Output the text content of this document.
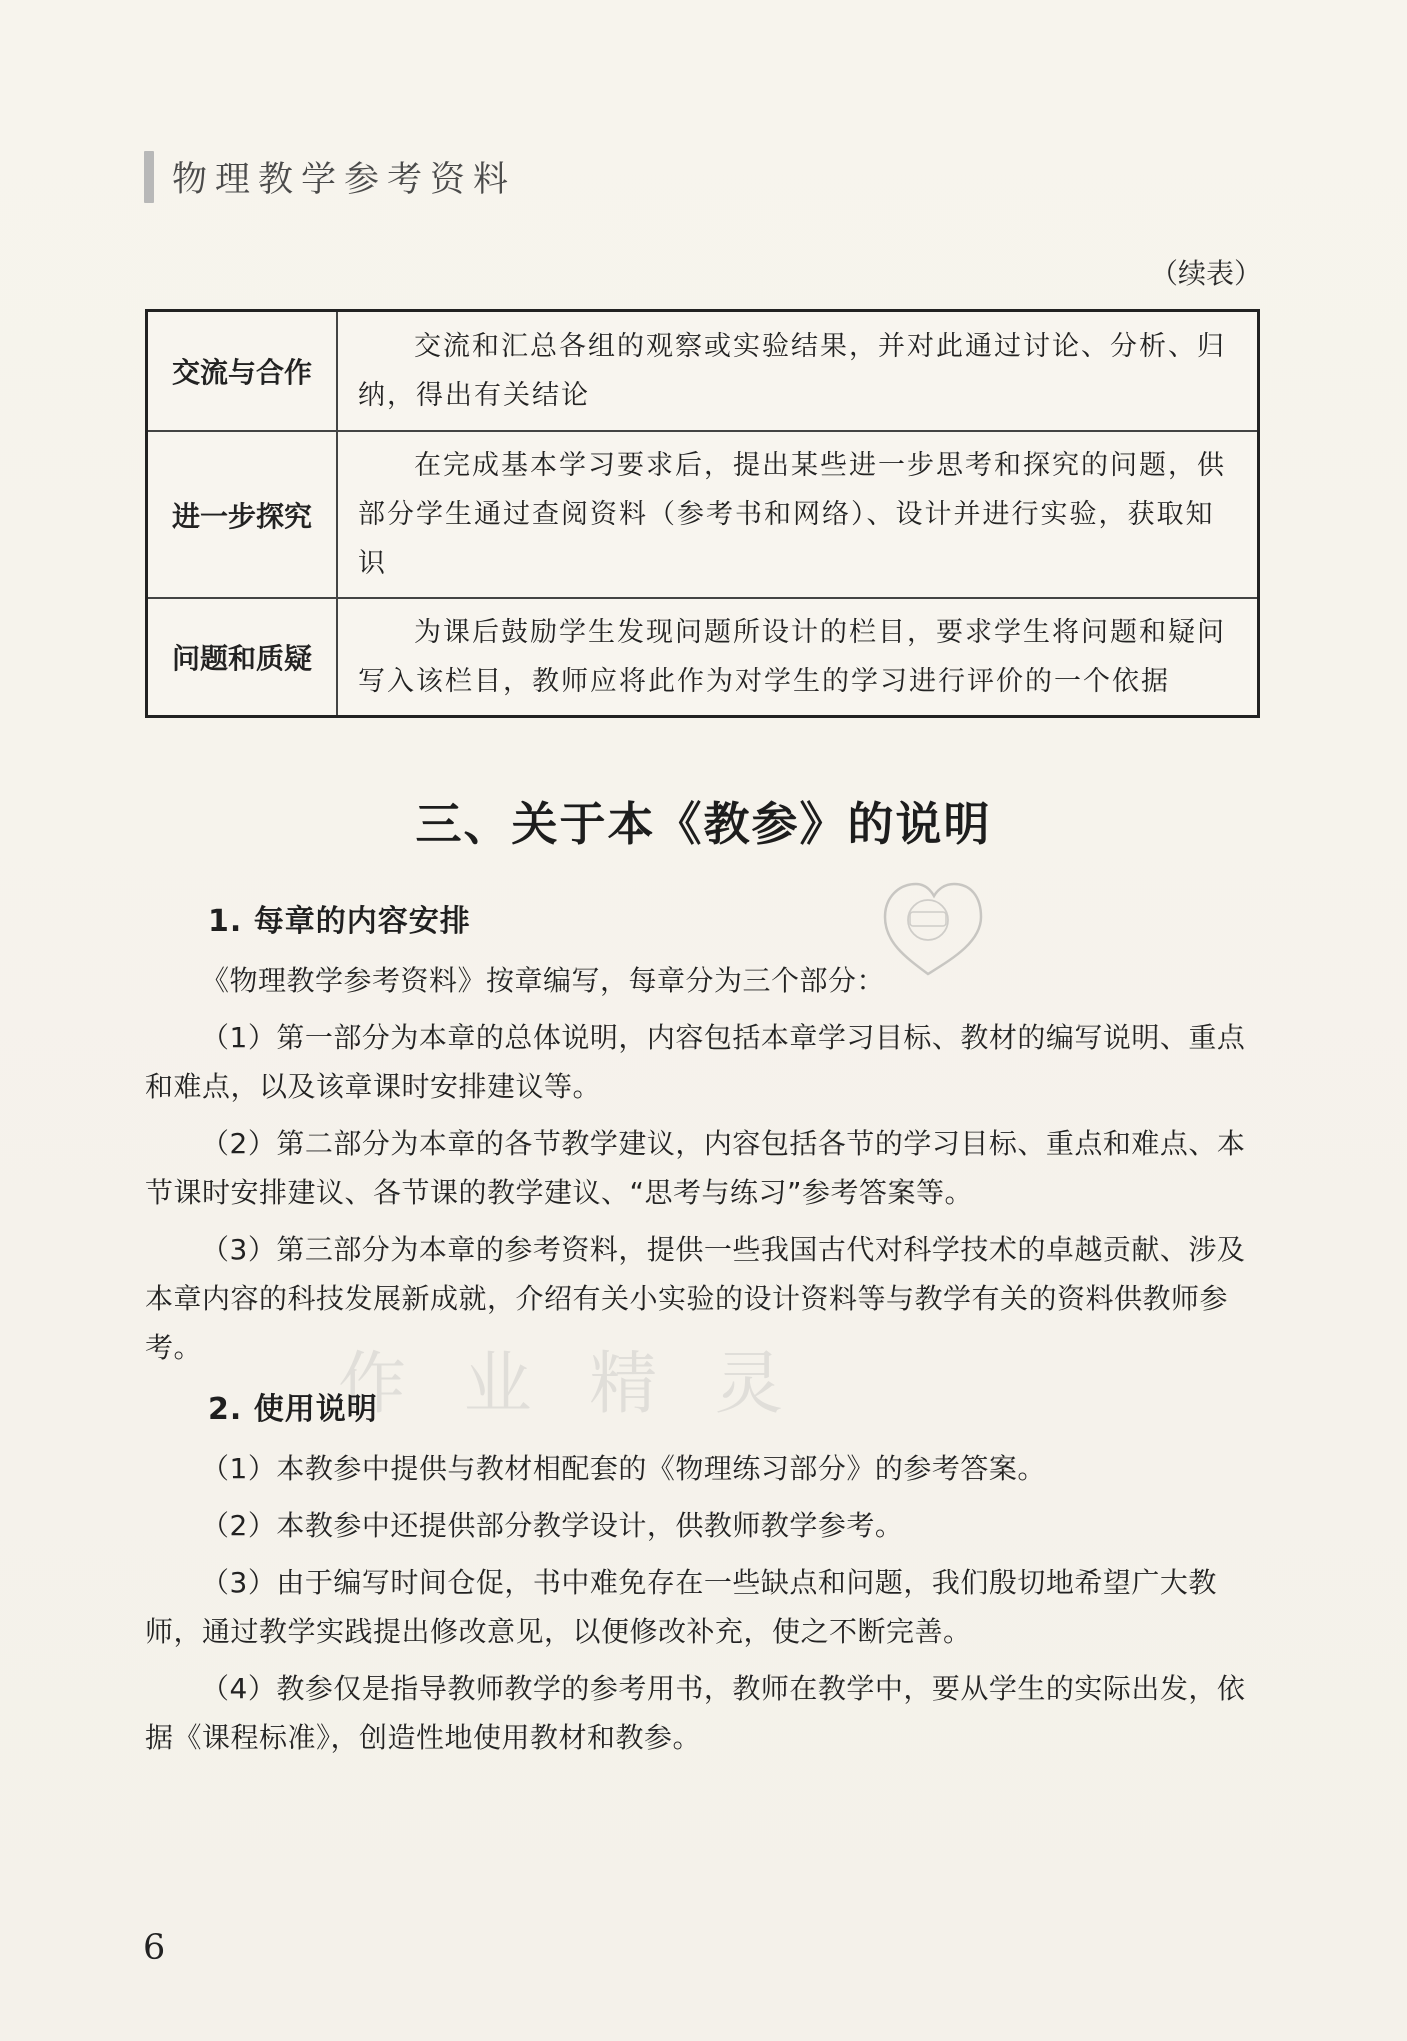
物理教学参考资料
（续表）
交流与合作

交流和汇总各组的观察或实验结果，并对此通过讨论、分析、归纳，得出有关结论

进一步探究

在完成基本学习要求后，提出某些进一步思考和探究的问题，供部分学生通过查阅资料（参考书和网络）、设计并进行实验，获取知识

问题和质疑

为课后鼓励学生发现问题所设计的栏目，要求学生将问题和疑问写入该栏目，教师应将此作为对学生的学习进行评价的一个依据

三、关于本《教参》的说明
作 业 精 灵
1. 每章的内容安排

《物理教学参考资料》按章编写，每章分为三个部分：

（1）第一部分为本章的总体说明，内容包括本章学习目标、教材的编写说明、重点和难点，以及该章课时安排建议等。

（2）第二部分为本章的各节教学建议，内容包括各节的学习目标、重点和难点、本节课时安排建议、各节课的教学建议、“思考与练习”参考答案等。

（3）第三部分为本章的参考资料，提供一些我国古代对科学技术的卓越贡献、涉及本章内容的科技发展新成就，介绍有关小实验的设计资料等与教学有关的资料供教师参考。

2. 使用说明

（1）本教参中提供与教材相配套的《物理练习部分》的参考答案。

（2）本教参中还提供部分教学设计，供教师教学参考。

（3）由于编写时间仓促，书中难免存在一些缺点和问题，我们殷切地希望广大教师，通过教学实践提出修改意见，以便修改补充，使之不断完善。

（4）教参仅是指导教师教学的参考用书，教师在教学中，要从学生的实际出发，依据《课程标准》，创造性地使用教材和教参。

6
